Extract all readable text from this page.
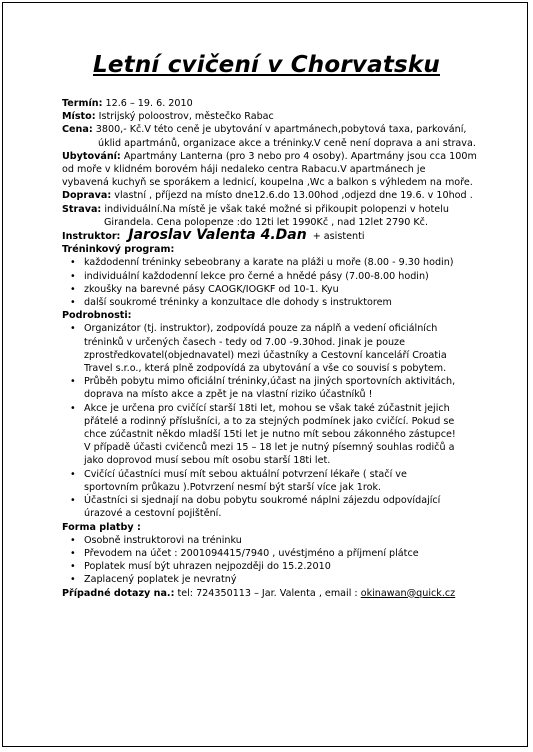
Letní cvičení v Chorvatsku

Termín: 12.6 – 19. 6. 2010

Místo: Istrijský poloostrov, městečko Rabac

Cena: 3800,- Kč.V této ceně je ubytování v apartmánech,pobytová taxa, parkování,

úklid apartmánů, organizace akce a tréninky.V ceně není doprava a ani strava.

Ubytování: Apartmány Lanterna (pro 3 nebo pro 4 osoby). Apartmány jsou cca 100m

od moře v klidném borovém háji nedaleko centra Rabacu.V apartmánech je

vybavená kuchyň se sporákem a lednicí, koupelna ,Wc a balkon s výhledem na moře.

Doprava: vlastní , příjezd na místo dne12.6.do 13.00hod ,odjezd dne 19.6. v 10hod .

Strava: individuální.Na místě je však také možné si přikoupit polopenzi v hotelu

Girandela. Cena polopenze :do 12ti let 1990Kč , nad 12let 2790 Kč.

Instruktor: Jaroslav Valenta 4.Dan + asistenti

Tréninkový program:

• každodenní tréninky sebeobrany a karate na pláži u moře (8.00 - 9.30 hodin)
• individuální každodenní lekce pro černé a hnědé pásy (7.00-8.00 hodin)
• zkoušky na barevné pásy CAOGK/IOGKF od 10-1. Kyu
• další soukromé tréninky a konzultace dle dohody s instruktorem

Podrobnosti:

• Organizátor (tj. instruktor), zodpovídá pouze za náplň a vedení oficiálních
tréninků v určených časech - tedy od 7.00 -9.30hod. Jinak je pouze
zprostředkovatel(objednavatel) mezi účastníky a Cestovní kanceláří Croatia
Travel s.r.o., která plně zodpovídá za ubytování a vše co souvisí s pobytem.
• Průběh pobytu mimo oficiální tréninky,účast na jiných sportovních aktivitách,
doprava na místo akce a zpět je na vlastní riziko účastníků !
• Akce je určena pro cvičící starší 18ti let, mohou se však také zúčastnit jejich
přátelé a rodinný příslušníci, a to za stejných podmínek jako cvičící. Pokud se
chce zúčastnit někdo mladší 15ti let je nutno mít sebou zákonného zástupce!
V případě účasti cvičenců mezi 15 – 18 let je nutný písemný souhlas rodičů a
jako doprovod musí sebou mít osobu starší 18ti let.
• Cvičící účastníci musí mít sebou aktuální potvrzení lékaře ( stačí ve
sportovním průkazu ).Potvrzení nesmí být starší více jak 1rok.
• Účastníci si sjednají na dobu pobytu soukromé náplni zájezdu odpovídající
úrazové a cestovní pojištění.

Forma platby :

• Osobně instruktorovi na tréninku
• Převodem na účet : 2001094415/7940 , uvéstjméno a příjmení plátce
• Poplatek musí být uhrazen nejpozději do 15.2.2010
• Zaplacený poplatek je nevratný

Případné dotazy na.: tel: 724350113 – Jar. Valenta , email : okinawan@quick.cz
